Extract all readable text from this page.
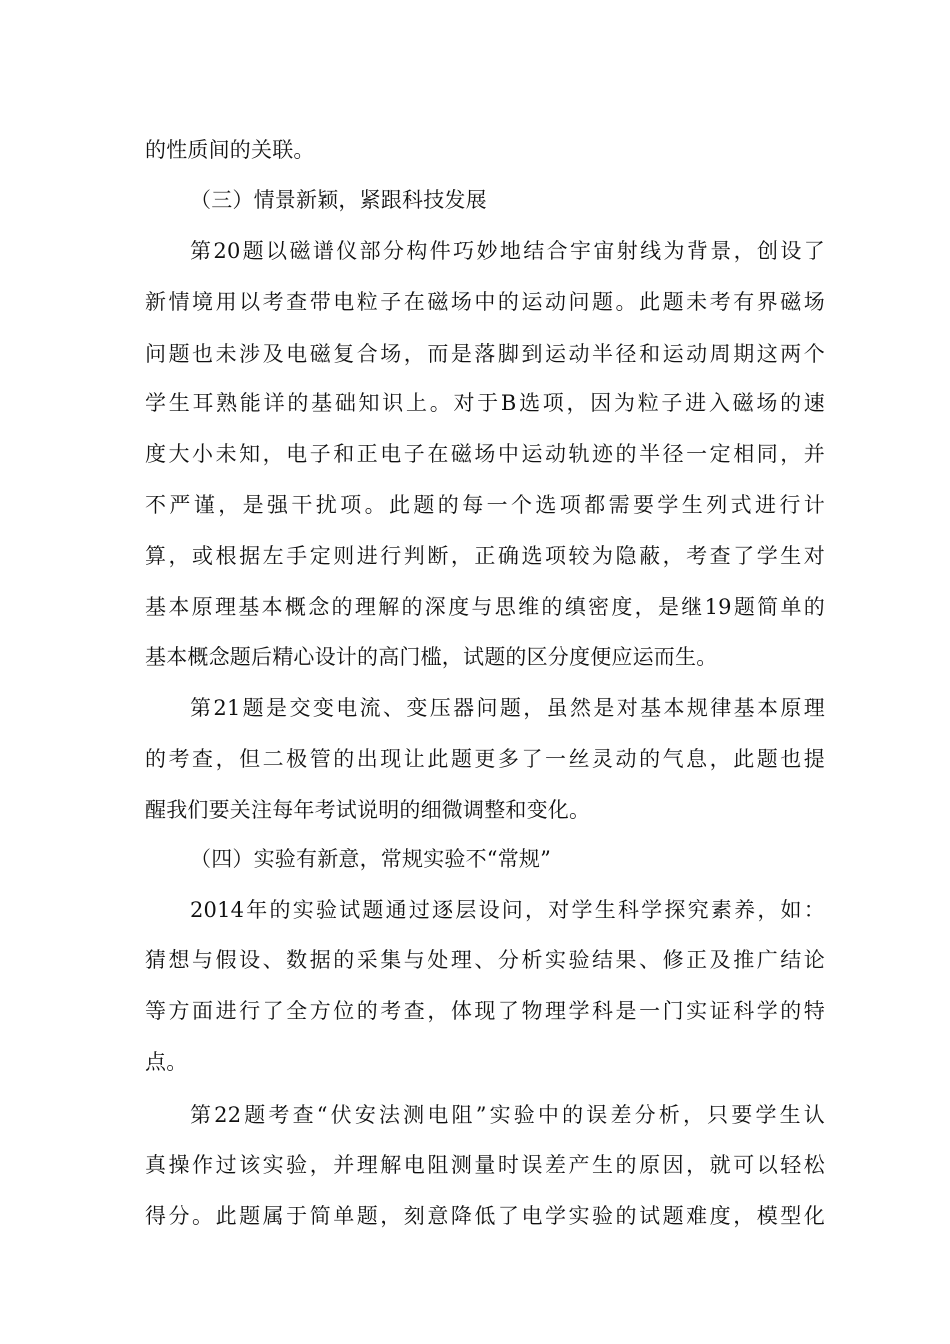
的性质间的关联。
（三）情景新颖，紧跟科技发展
第20题以磁谱仪部分构件巧妙地结合宇宙射线为背景，创设了
新情境用以考查带电粒子在磁场中的运动问题。此题未考有界磁场
问题也未涉及电磁复合场，而是落脚到运动半径和运动周期这两个
学生耳熟能详的基础知识上。对于B选项，因为粒子进入磁场的速
度大小未知，电子和正电子在磁场中运动轨迹的半径一定相同，并
不严谨，是强干扰项。此题的每一个选项都需要学生列式进行计
算，或根据左手定则进行判断，正确选项较为隐蔽，考查了学生对
基本原理基本概念的理解的深度与思维的缜密度，是继19题简单的
基本概念题后精心设计的高门槛，试题的区分度便应运而生。
第21题是交变电流、变压器问题，虽然是对基本规律基本原理
的考查，但二极管的出现让此题更多了一丝灵动的气息，此题也提
醒我们要关注每年考试说明的细微调整和变化。
（四）实验有新意，常规实验不“常规”
2014年的实验试题通过逐层设问，对学生科学探究素养，如：
猜想与假设、数据的采集与处理、分析实验结果、修正及推广结论
等方面进行了全方位的考查，体现了物理学科是一门实证科学的特
点。
第22题考查“伏安法测电阻”实验中的误差分析，只要学生认
真操作过该实验，并理解电阻测量时误差产生的原因，就可以轻松
得分。此题属于简单题，刻意降低了电学实验的试题难度，模型化
